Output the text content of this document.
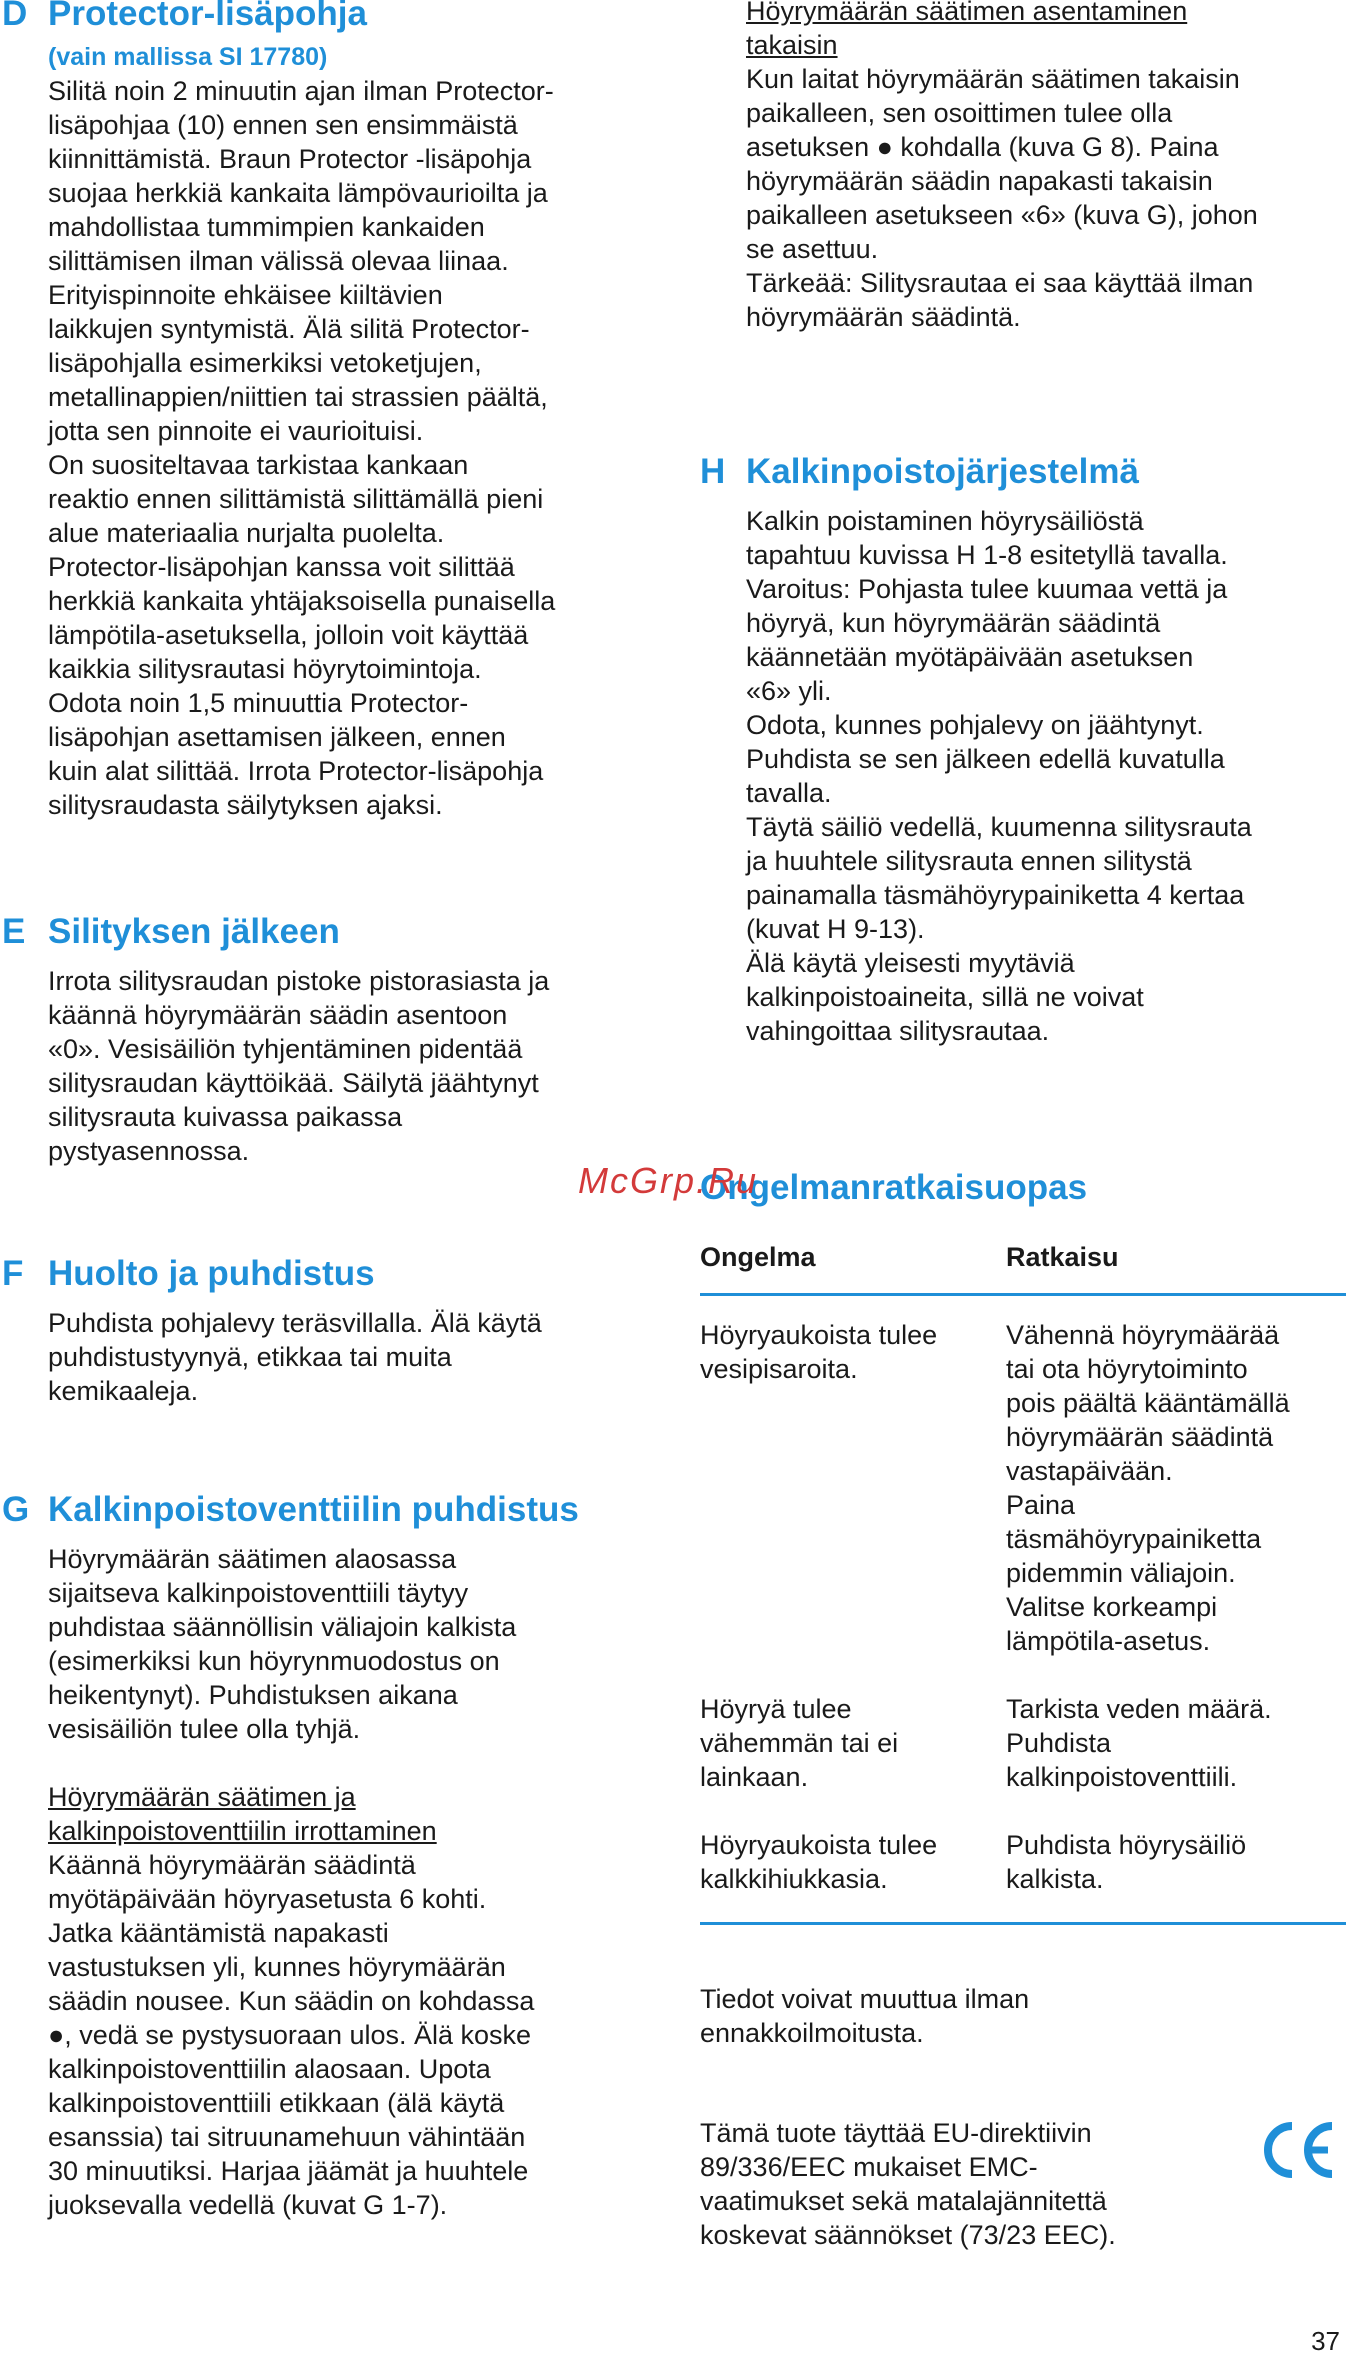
D Protector-lisäpohja
(vain mallissa SI 17780)

Silitä noin 2 minuutin ajan ilman Protector-
lisäpohjaa (10) ennen sen ensimmäistä
kiinnittämistä. Braun Protector -lisäpohja
suojaa herkkiä kankaita lämpövaurioilta ja
mahdollistaa tummimpien kankaiden
silittämisen ilman välissä olevaa liinaa.
Erityispinnoite ehkäisee kiiltävien
laikkujen syntymistä. Älä silitä Protector-
lisäpohjalla esimerkiksi vetoketjujen,
metallinappien/niittien tai strassien päältä,
jotta sen pinnoite ei vaurioituisi.
On suositeltavaa tarkistaa kankaan
reaktio ennen silittämistä silittämällä pieni
alue materiaalia nurjalta puolelta.
Protector-lisäpohjan kanssa voit silittää
herkkiä kankaita yhtäjaksoisella punaisella
lämpötila-asetuksella, jolloin voit käyttää
kaikkia silitysrautasi höyrytoimintoja.
Odota noin 1,5 minuuttia Protector-
lisäpohjan asettamisen jälkeen, ennen
kuin alat silittää. Irrota Protector-lisäpohja
silitysraudasta säilytyksen ajaksi.

E Silityksen jälkeen

Irrota silitysraudan pistoke pistorasiasta ja
käännä höyrymäärän säädin asentoon
«0». Vesisäiliön tyhjentäminen pidentää
silitysraudan käyttöikää. Säilytä jäähtynyt
silitysrauta kuivassa paikassa
pystyasennossa.

F Huolto ja puhdistus

Puhdista pohjalevy teräsvillalla. Älä käytä
puhdistustyynyä, etikkaa tai muita
kemikaaleja.

G Kalkinpoistoventtiilin puhdistus

Höyrymäärän säätimen alaosassa
sijaitseva kalkinpoistoventtiili täytyy
puhdistaa säännöllisin väliajoin kalkista
(esimerkiksi kun höyrynmuodostus on
heikentynyt). Puhdistuksen aikana
vesisäiliön tulee olla tyhjä.

Höyrymäärän säätimen ja
kalkinpoistoventtiilin irrottaminen

Käännä höyrymäärän säädintä
myötäpäivään höyryasetusta 6 kohti.
Jatka kääntämistä napakasti
vastustuksen yli, kunnes höyrymäärän
säädin nousee. Kun säädin on kohdassa
●, vedä se pystysuoraan ulos. Älä koske
kalkinpoistoventtiilin alaosaan. Upota
kalkinpoistoventtiili etikkaan (älä käytä
esanssia) tai sitruunamehuun vähintään
30 minuutiksi. Harjaa jäämät ja huuhtele
juoksevalla vedellä (kuvat G 1-7).

Höyrymäärän säätimen asentaminen
takaisin

Kun laitat höyrymäärän säätimen takaisin
paikalleen, sen osoittimen tulee olla
asetuksen ● kohdalla (kuva G 8). Paina
höyrymäärän säädin napakasti takaisin
paikalleen asetukseen «6» (kuva G), johon
se asettuu.
Tärkeää: Silitysrautaa ei saa käyttää ilman
höyrymäärän säädintä.

H Kalkinpoistojärjestelmä

Kalkin poistaminen höyrysäiliöstä
tapahtuu kuvissa H 1-8 esitetyllä tavalla.
Varoitus: Pohjasta tulee kuumaa vettä ja
höyryä, kun höyrymäärän säädintä
käännetään myötäpäivään asetuksen
«6» yli.
Odota, kunnes pohjalevy on jäähtynyt.
Puhdista se sen jälkeen edellä kuvatulla
tavalla.
Täytä säiliö vedellä, kuumenna silitysrauta
ja huuhtele silitysrauta ennen silitystä
painamalla täsmähöyrypainiketta 4 kertaa
(kuvat H 9-13).
Älä käytä yleisesti myytäviä
kalkinpoistoaineita, sillä ne voivat
vahingoittaa silitysrautaa.

Ongelmanratkaisuopas
Ongelma	Ratkaisu
Höyryaukoista tulee
vesipisaroita.
Vähennä höyrymäärää
tai ota höyrytoiminto
pois päältä kääntämällä
höyrymäärän säädintä
vastapäivään.
Paina
täsmähöyrypainiketta
pidemmin väliajoin.
Valitse korkeampi
lämpötila-asetus.
Höyryä tulee
vähemmän tai ei
lainkaan.
Tarkista veden määrä.
Puhdista
kalkinpoistoventtiili.
Höyryaukoista tulee
kalkkihiukkasia.
Puhdista höyrysäiliö
kalkista.

Tiedot voivat muuttua ilman
ennakkoilmoitusta.

Tämä tuote täyttää EU-direktiivin
89/336/EEC mukaiset EMC-
vaatimukset sekä matalajännitettä
koskevat säännökset (73/23 EEC).

McGrp.Ru
37
